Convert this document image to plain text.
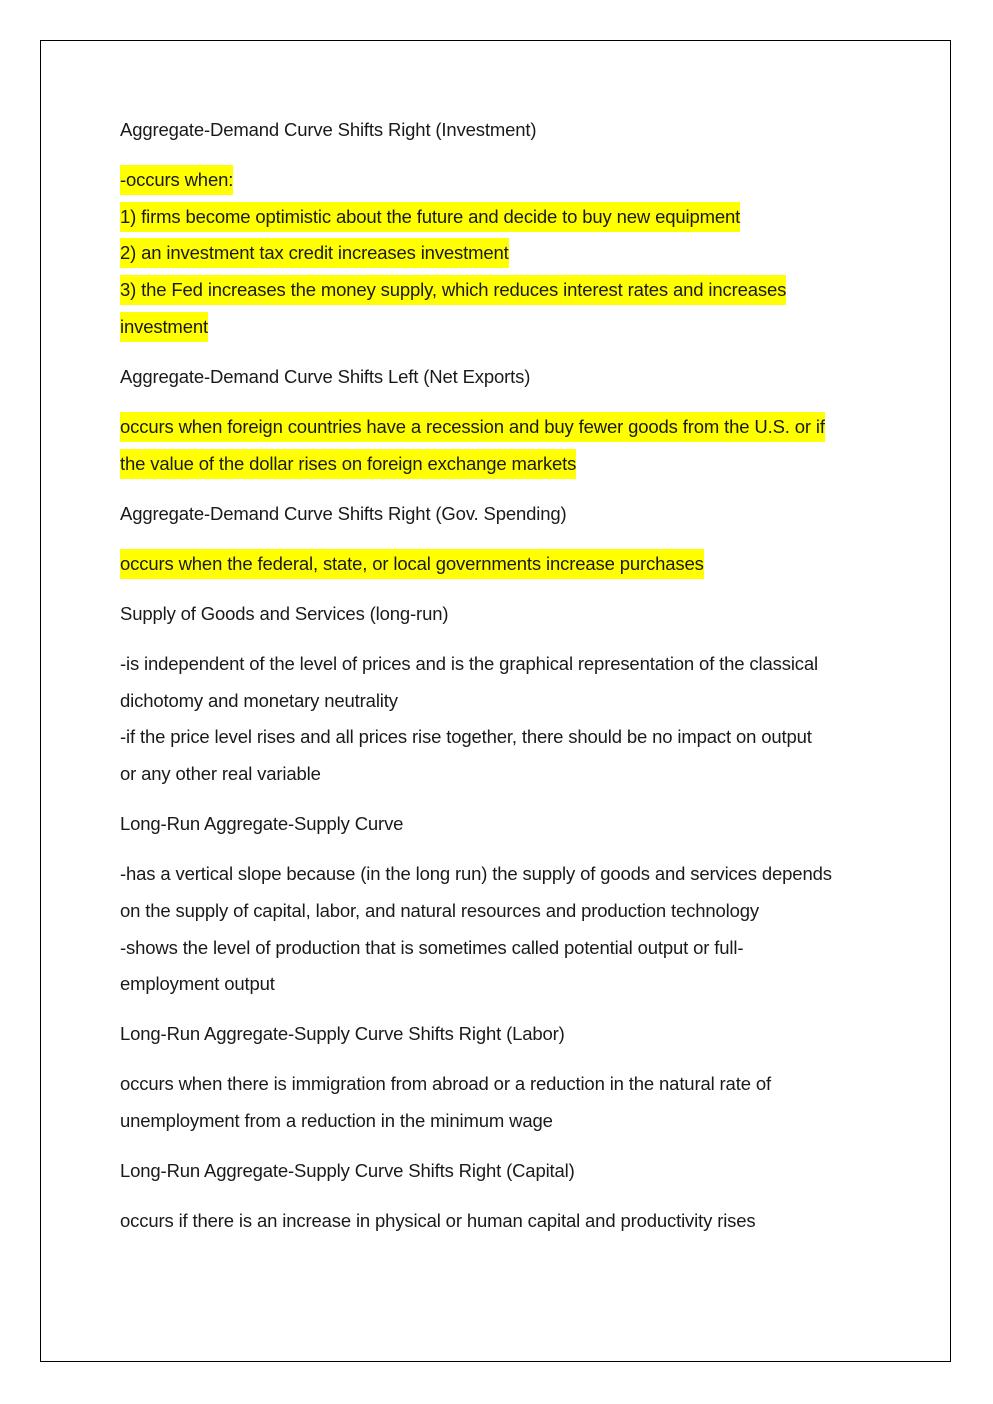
Aggregate-Demand Curve Shifts Right (Investment)
-occurs when:
1) firms become optimistic about the future and decide to buy new equipment
2) an investment tax credit increases investment
3) the Fed increases the money supply, which reduces interest rates and increases
investment
Aggregate-Demand Curve Shifts Left (Net Exports)
occurs when foreign countries have a recession and buy fewer goods from the U.S. or if
the value of the dollar rises on foreign exchange markets
Aggregate-Demand Curve Shifts Right (Gov. Spending)
occurs when the federal, state, or local governments increase purchases
Supply of Goods and Services (long-run)
-is independent of the level of prices and is the graphical representation of the classical
dichotomy and monetary neutrality
-if the price level rises and all prices rise together, there should be no impact on output
or any other real variable
Long-Run Aggregate-Supply Curve
-has a vertical slope because (in the long run) the supply of goods and services depends
on the supply of capital, labor, and natural resources and production technology
-shows the level of production that is sometimes called potential output or full-
employment output
Long-Run Aggregate-Supply Curve Shifts Right (Labor)
occurs when there is immigration from abroad or a reduction in the natural rate of
unemployment from a reduction in the minimum wage
Long-Run Aggregate-Supply Curve Shifts Right (Capital)
occurs if there is an increase in physical or human capital and productivity rises
